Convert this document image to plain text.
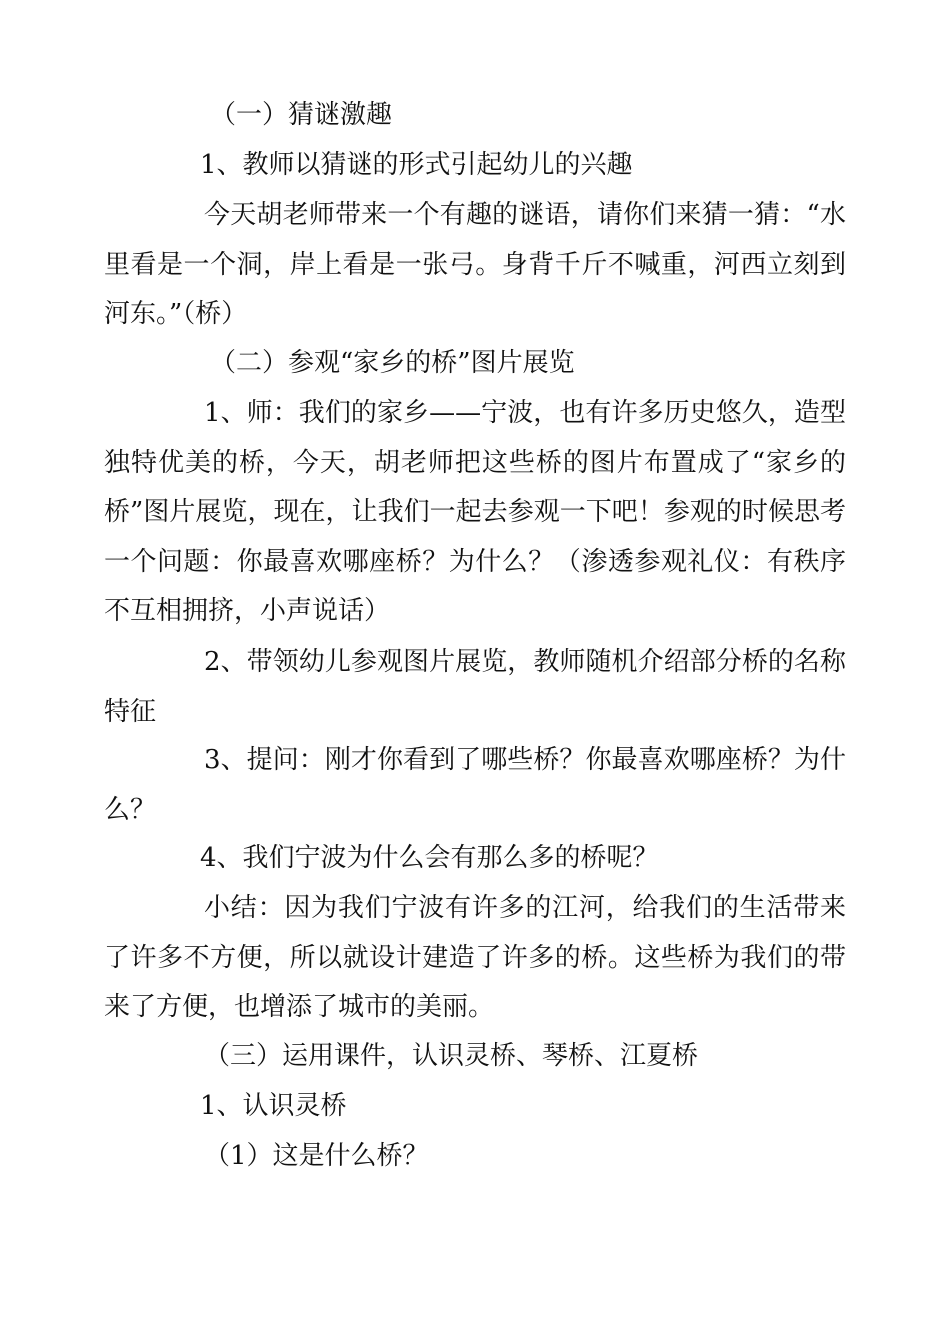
（一）猜谜激趣

1、教师以猜谜的形式引起幼儿的兴趣

今天胡老师带来一个有趣的谜语，请你们来猜一猜：“水里看是一个洞，岸上看是一张弓。身背千斤不喊重，河西立刻到河东。”（桥）

（二）参观“家乡的桥”图片展览

1、师：我们的家乡——宁波，也有许多历史悠久，造型独特优美的桥，今天，胡老师把这些桥的图片布置成了“家乡的桥”图片展览，现在，让我们一起去参观一下吧！参观的时候思考一个问题：你最喜欢哪座桥？为什么？（渗透参观礼仪：有秩序不互相拥挤，小声说话）

2、带领幼儿参观图片展览，教师随机介绍部分桥的名称特征

3、提问：刚才你看到了哪些桥？你最喜欢哪座桥？为什么？

4、我们宁波为什么会有那么多的桥呢？

小结：因为我们宁波有许多的江河，给我们的生活带来了许多不方便，所以就设计建造了许多的桥。这些桥为我们的带来了方便，也增添了城市的美丽。

（三）运用课件，认识灵桥、琴桥、江夏桥

1、认识灵桥

（1）这是什么桥？
